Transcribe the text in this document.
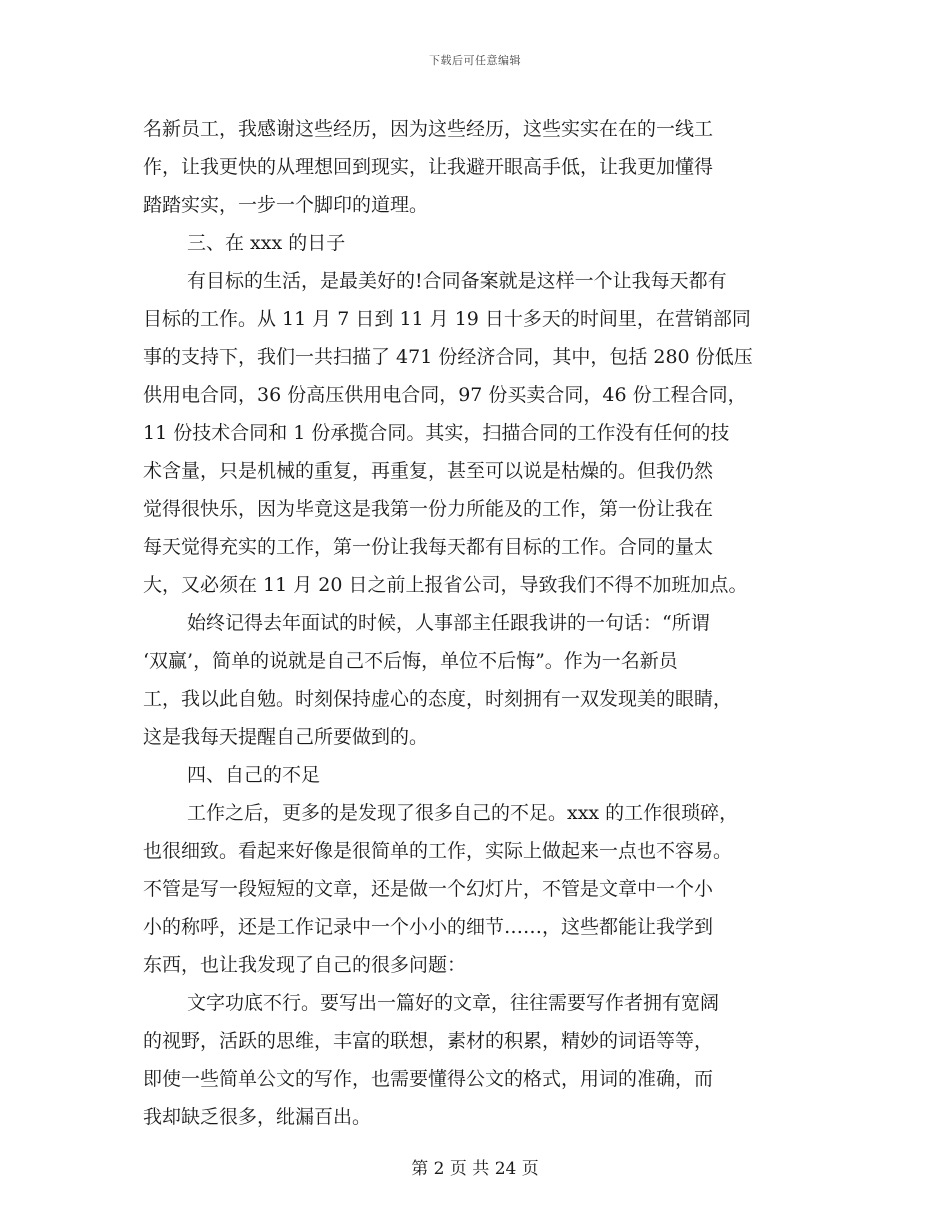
下载后可任意编辑
名新员工，我感谢这些经历，因为这些经历，这些实实在在的一线工
作，让我更快的从理想回到现实，让我避开眼高手低，让我更加懂得
踏踏实实，一步一个脚印的道理。
三、在 xxx 的日子
有目标的生活，是最美好的!合同备案就是这样一个让我每天都有
目标的工作。从 11 月 7 日到 11 月 19 日十多天的时间里，在营销部同
事的支持下，我们一共扫描了 471 份经济合同，其中，包括 280 份低压
供用电合同，36 份高压供用电合同，97 份买卖合同，46 份工程合同，
11 份技术合同和 1 份承揽合同。其实，扫描合同的工作没有任何的技
术含量，只是机械的重复，再重复，甚至可以说是枯燥的。但我仍然
觉得很快乐，因为毕竟这是我第一份力所能及的工作，第一份让我在
每天觉得充实的工作，第一份让我每天都有目标的工作。合同的量太
大，又必须在 11 月 20 日之前上报省公司，导致我们不得不加班加点。
始终记得去年面试的时候，人事部主任跟我讲的一句话：“所谓
‘双赢’，简单的说就是自己不后悔，单位不后悔”。作为一名新员
工，我以此自勉。时刻保持虚心的态度，时刻拥有一双发现美的眼睛，
这是我每天提醒自己所要做到的。
四、自己的不足
工作之后，更多的是发现了很多自己的不足。xxx 的工作很琐碎，
也很细致。看起来好像是很简单的工作，实际上做起来一点也不容易。
不管是写一段短短的文章，还是做一个幻灯片，不管是文章中一个小
小的称呼，还是工作记录中一个小小的细节……，这些都能让我学到
东西，也让我发现了自己的很多问题：
文字功底不行。要写出一篇好的文章，往往需要写作者拥有宽阔
的视野，活跃的思维，丰富的联想，素材的积累，精妙的词语等等，
即使一些简单公文的写作，也需要懂得公文的格式，用词的准确，而
我却缺乏很多，纰漏百出。
第 2 页 共 24 页
